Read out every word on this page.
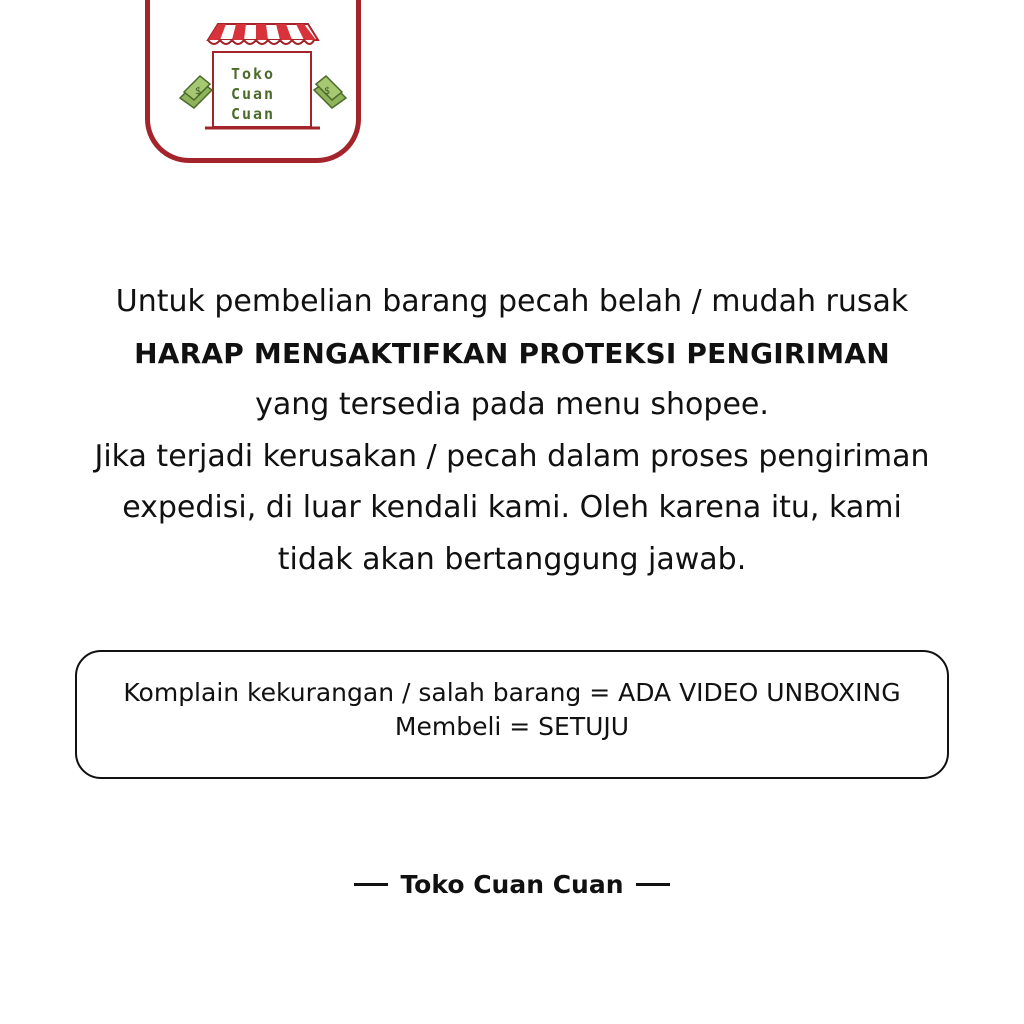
$	$
Toko
Cuan
Cuan
Untuk pembelian barang pecah belah / mudah rusak
HARAP MENGAKTIFKAN PROTEKSI PENGIRIMAN
yang tersedia pada menu shopee.
Jika terjadi kerusakan / pecah dalam proses pengiriman
expedisi, di luar kendali kami. Oleh karena itu, kami
tidak akan bertanggung jawab.
Komplain kekurangan / salah barang = ADA VIDEO UNBOXING
Membeli = SETUJU
Toko Cuan Cuan
